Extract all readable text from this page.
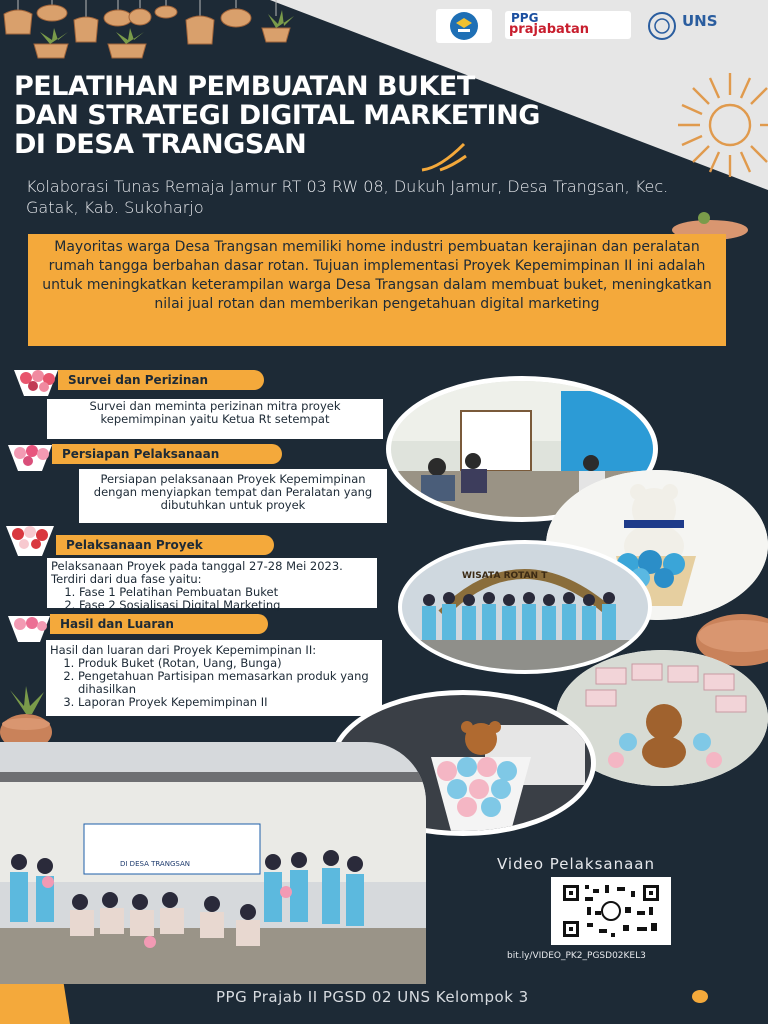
PPG
prajabatan	UNS
PELATIHAN PEMBUATAN BUKET
DAN STRATEGI DIGITAL MARKETING
DI DESA TRANGSAN
Kolaborasi Tunas Remaja Jamur RT 03 RW 08, Dukuh Jamur, Desa Trangsan, Kec. Gatak, Kab. Sukoharjo
Mayoritas warga Desa Trangsan memiliki home industri pembuatan kerajinan dan peralatan rumah tangga berbahan dasar rotan. Tujuan implementasi Proyek Kepemimpinan II ini adalah untuk meningkatkan keterampilan warga Desa Trangsan dalam membuat buket, meningkatkan nilai jual rotan dan memberikan pengetahuan digital marketing
Survei dan Perizinan
Survei dan meminta perizinan mitra proyek kepemimpinan yaitu Ketua Rt setempat
Persiapan Pelaksanaan
Persiapan pelaksanaan Proyek Kepemimpinan dengan menyiapkan tempat dan Peralatan yang dibutuhkan untuk proyek
Pelaksanaan Proyek
Pelaksanaan Proyek pada tanggal 27-28 Mei 2023. Terdiri dari dua fase yaitu:
1. Fase 1 Pelatihan Pembuatan Buket
2. Fase 2 Sosialisasi Digital Marketing
Hasil dan Luaran
Hasil dan luaran dari Proyek Kepemimpinan II:
1. Produk Buket (Rotan, Uang, Bunga)
2. Pengetahuan Partisipan memasarkan produk yang dihasilkan
3. Laporan Proyek Kepemimpinan II
WISATA ROTAN T
DI DESA TRANGSAN	Video Pelaksanaan
bit.ly/VIDEO_PK2_PGSD02KEL3
PPG Prajab II PGSD 02 UNS Kelompok 3
